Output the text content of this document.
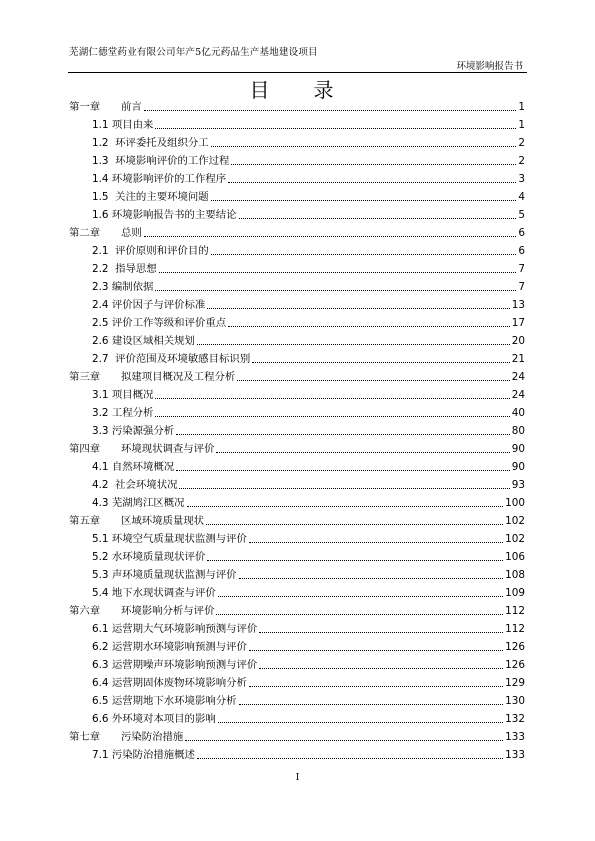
芜湖仁德堂药业有限公司年产5亿元药品生产基地建设项目
环境影响报告书
目　录
第一章　　前言	1
1.1 项目由来	1
1.2  环评委托及组织分工	2
1.3  环境影响评价的工作过程	2
1.4 环境影响评价的工作程序	3
1.5  关注的主要环境问题	4
1.6 环境影响报告书的主要结论	5
第二章　　总则	6
2.1  评价原则和评价目的	6
2.2  指导思想	7
2.3 编制依据	7
2.4 评价因子与评价标准	13
2.5 评价工作等级和评价重点	17
2.6 建设区域相关规划	20
2.7  评价范围及环境敏感目标识别	21
第三章　　拟建项目概况及工程分析	24
3.1 项目概况	24
3.2 工程分析	40
3.3 污染源强分析	80
第四章　　环境现状调查与评价	90
4.1 自然环境概况	90
4.2  社会环境状况	93
4.3 芜湖鸠江区概况	100
第五章　　区域环境质量现状	102
5.1 环境空气质量现状监测与评价	102
5.2 水环境质量现状评价	106
5.3 声环境质量现状监测与评价	108
5.4 地下水现状调查与评价	109
第六章　　环境影响分析与评价	112
6.1 运营期大气环境影响预测与评价	112
6.2 运营期水环境影响预测与评价	126
6.3 运营期噪声环境影响预测与评价	126
6.4 运营期固体废物环境影响分析	129
6.5 运营期地下水环境影响分析	130
6.6 外环境对本项目的影响	132
第七章　　污染防治措施	133
7.1 污染防治措施概述	133
I
